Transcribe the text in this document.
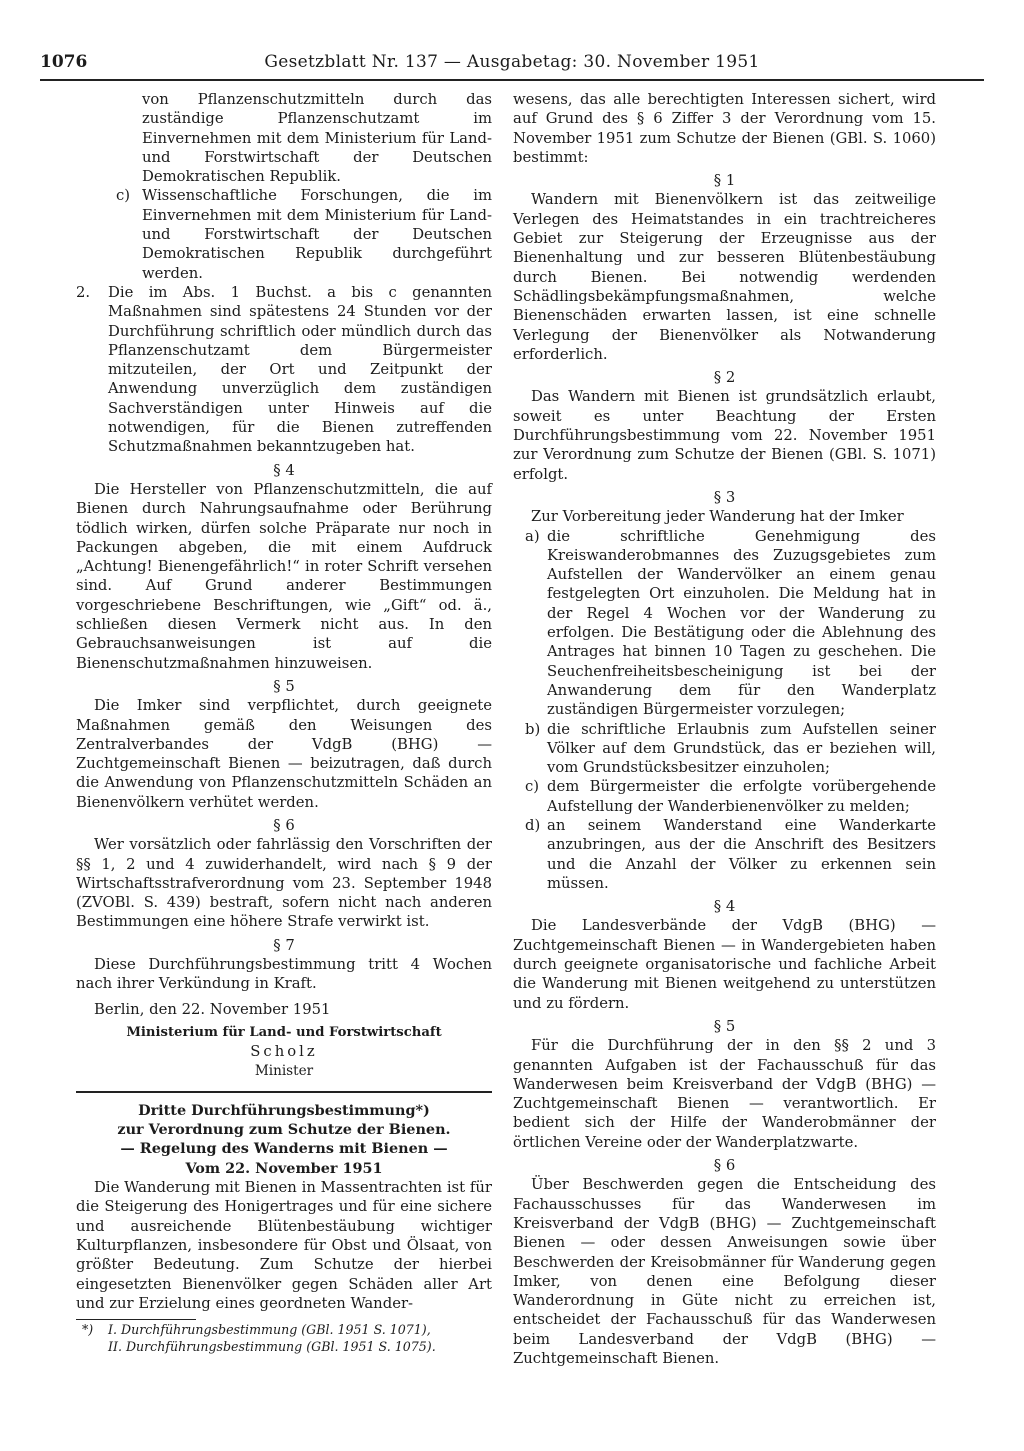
1076	Gesetzblatt Nr. 137 — Ausgabetag: 30. November 1951

von Pflanzenschutzmitteln durch das zuständige Pflanzenschutzamt im Einvernehmen mit dem Ministerium für Land- und Forstwirtschaft der Deutschen Demokratischen Republik.

c) Wissenschaftliche Forschungen, die im Einvernehmen mit dem Ministerium für Land- und Forstwirtschaft der Deutschen Demokratischen Republik durchgeführt werden.
2.	Die im Abs. 1 Buchst. a bis c genannten Maßnahmen sind spätestens 24 Stunden vor der Durchführung schriftlich oder mündlich durch das Pflanzenschutzamt dem Bürgermeister mitzuteilen, der Ort und Zeitpunkt der Anwendung unverzüglich dem zuständigen Sachverständigen unter Hinweis auf die notwendigen, für die Bienen zutreffenden Schutzmaßnahmen bekanntzugeben hat.

§ 4

Die Hersteller von Pflanzenschutzmitteln, die auf Bienen durch Nahrungsaufnahme oder Berührung tödlich wirken, dürfen solche Präparate nur noch in Packungen abgeben, die mit einem Aufdruck „Achtung! Bienengefährlich!“ in roter Schrift versehen sind. Auf Grund anderer Bestimmungen vorgeschriebene Beschriftungen, wie „Gift“ od. ä., schließen diesen Vermerk nicht aus. In den Gebrauchsanweisungen ist auf die Bienenschutzmaßnahmen hinzuweisen.

§ 5

Die Imker sind verpflichtet, durch geeignete Maßnahmen gemäß den Weisungen des Zentralverbandes der VdgB (BHG) — Zuchtgemeinschaft Bienen — beizutragen, daß durch die Anwendung von Pflanzenschutzmitteln Schäden an Bienenvölkern verhütet werden.

§ 6

Wer vorsätzlich oder fahrlässig den Vorschriften der §§ 1, 2 und 4 zuwiderhandelt, wird nach § 9 der Wirtschaftsstrafverordnung vom 23. September 1948 (ZVOBl. S. 439) bestraft, sofern nicht nach anderen Bestimmungen eine höhere Strafe verwirkt ist.

§ 7

Diese Durchführungsbestimmung tritt 4 Wochen nach ihrer Verkündung in Kraft.

Berlin, den 22. November 1951

Ministerium für Land- und Forstwirtschaft

Scholz

Minister

Dritte Durchführungsbestimmung*)

zur Verordnung zum Schutze der Bienen.

— Regelung des Wanderns mit Bienen —

Vom 22. November 1951

Die Wanderung mit Bienen in Massentrachten ist für die Steigerung des Honigertrages und für eine sichere und ausreichende Blütenbestäubung wichtiger Kulturpflanzen, insbesondere für Obst und Ölsaat, von größter Bedeutung. Zum Schutze der hierbei eingesetzten Bienenvölker gegen Schäden aller Art und zur Erzielung eines geordneten Wander-

*) I. Durchführungsbestimmung (GBl. 1951 S. 1071),
II. Durchführungsbestimmung (GBl. 1951 S. 1075).

wesens, das alle berechtigten Interessen sichert, wird auf Grund des § 6 Ziffer 3 der Verordnung vom 15. November 1951 zum Schutze der Bienen (GBl. S. 1060) bestimmt:

§ 1

Wandern mit Bienenvölkern ist das zeitweilige Verlegen des Heimatstandes in ein trachtreicheres Gebiet zur Steigerung der Erzeugnisse aus der Bienenhaltung und zur besseren Blütenbestäubung durch Bienen. Bei notwendig werdenden Schädlingsbekämpfungsmaßnahmen, welche Bienenschäden erwarten lassen, ist eine schnelle Verlegung der Bienenvölker als Notwanderung erforderlich.

§ 2

Das Wandern mit Bienen ist grundsätzlich erlaubt, soweit es unter Beachtung der Ersten Durchführungsbestimmung vom 22. November 1951 zur Verordnung zum Schutze der Bienen (GBl. S. 1071) erfolgt.

§ 3

Zur Vorbereitung jeder Wanderung hat der Imker

a) die schriftliche Genehmigung des Kreiswanderobmannes des Zuzugsgebietes zum Aufstellen der Wandervölker an einem genau festgelegten Ort einzuholen. Die Meldung hat in der Regel 4 Wochen vor der Wanderung zu erfolgen. Die Bestätigung oder die Ablehnung des Antrages hat binnen 10 Tagen zu geschehen. Die Seuchenfreiheitsbescheinigung ist bei der Anwanderung dem für den Wanderplatz zuständigen Bürgermeister vorzulegen;
b) die schriftliche Erlaubnis zum Aufstellen seiner Völker auf dem Grundstück, das er beziehen will, vom Grundstücksbesitzer einzuholen;
c) dem Bürgermeister die erfolgte vorübergehende Aufstellung der Wanderbienenvölker zu melden;
d) an seinem Wanderstand eine Wanderkarte anzubringen, aus der die Anschrift des Besitzers und die Anzahl der Völker zu erkennen sein müssen.

§ 4

Die Landesverbände der VdgB (BHG) — Zuchtgemeinschaft Bienen — in Wandergebieten haben durch geeignete organisatorische und fachliche Arbeit die Wanderung mit Bienen weitgehend zu unterstützen und zu fördern.

§ 5

Für die Durchführung der in den §§ 2 und 3 genannten Aufgaben ist der Fachausschuß für das Wanderwesen beim Kreisverband der VdgB (BHG) — Zuchtgemeinschaft Bienen — verantwortlich. Er bedient sich der Hilfe der Wanderobmänner der örtlichen Vereine oder der Wanderplatzwarte.

§ 6

Über Beschwerden gegen die Entscheidung des Fachausschusses für das Wanderwesen im Kreisverband der VdgB (BHG) — Zuchtgemeinschaft Bienen — oder dessen Anweisungen sowie über Beschwerden der Kreisobmänner für Wanderung gegen Imker, von denen eine Befolgung dieser Wanderordnung in Güte nicht zu erreichen ist, entscheidet der Fachausschuß für das Wanderwesen beim Landesverband der VdgB (BHG) — Zuchtgemeinschaft Bienen.
